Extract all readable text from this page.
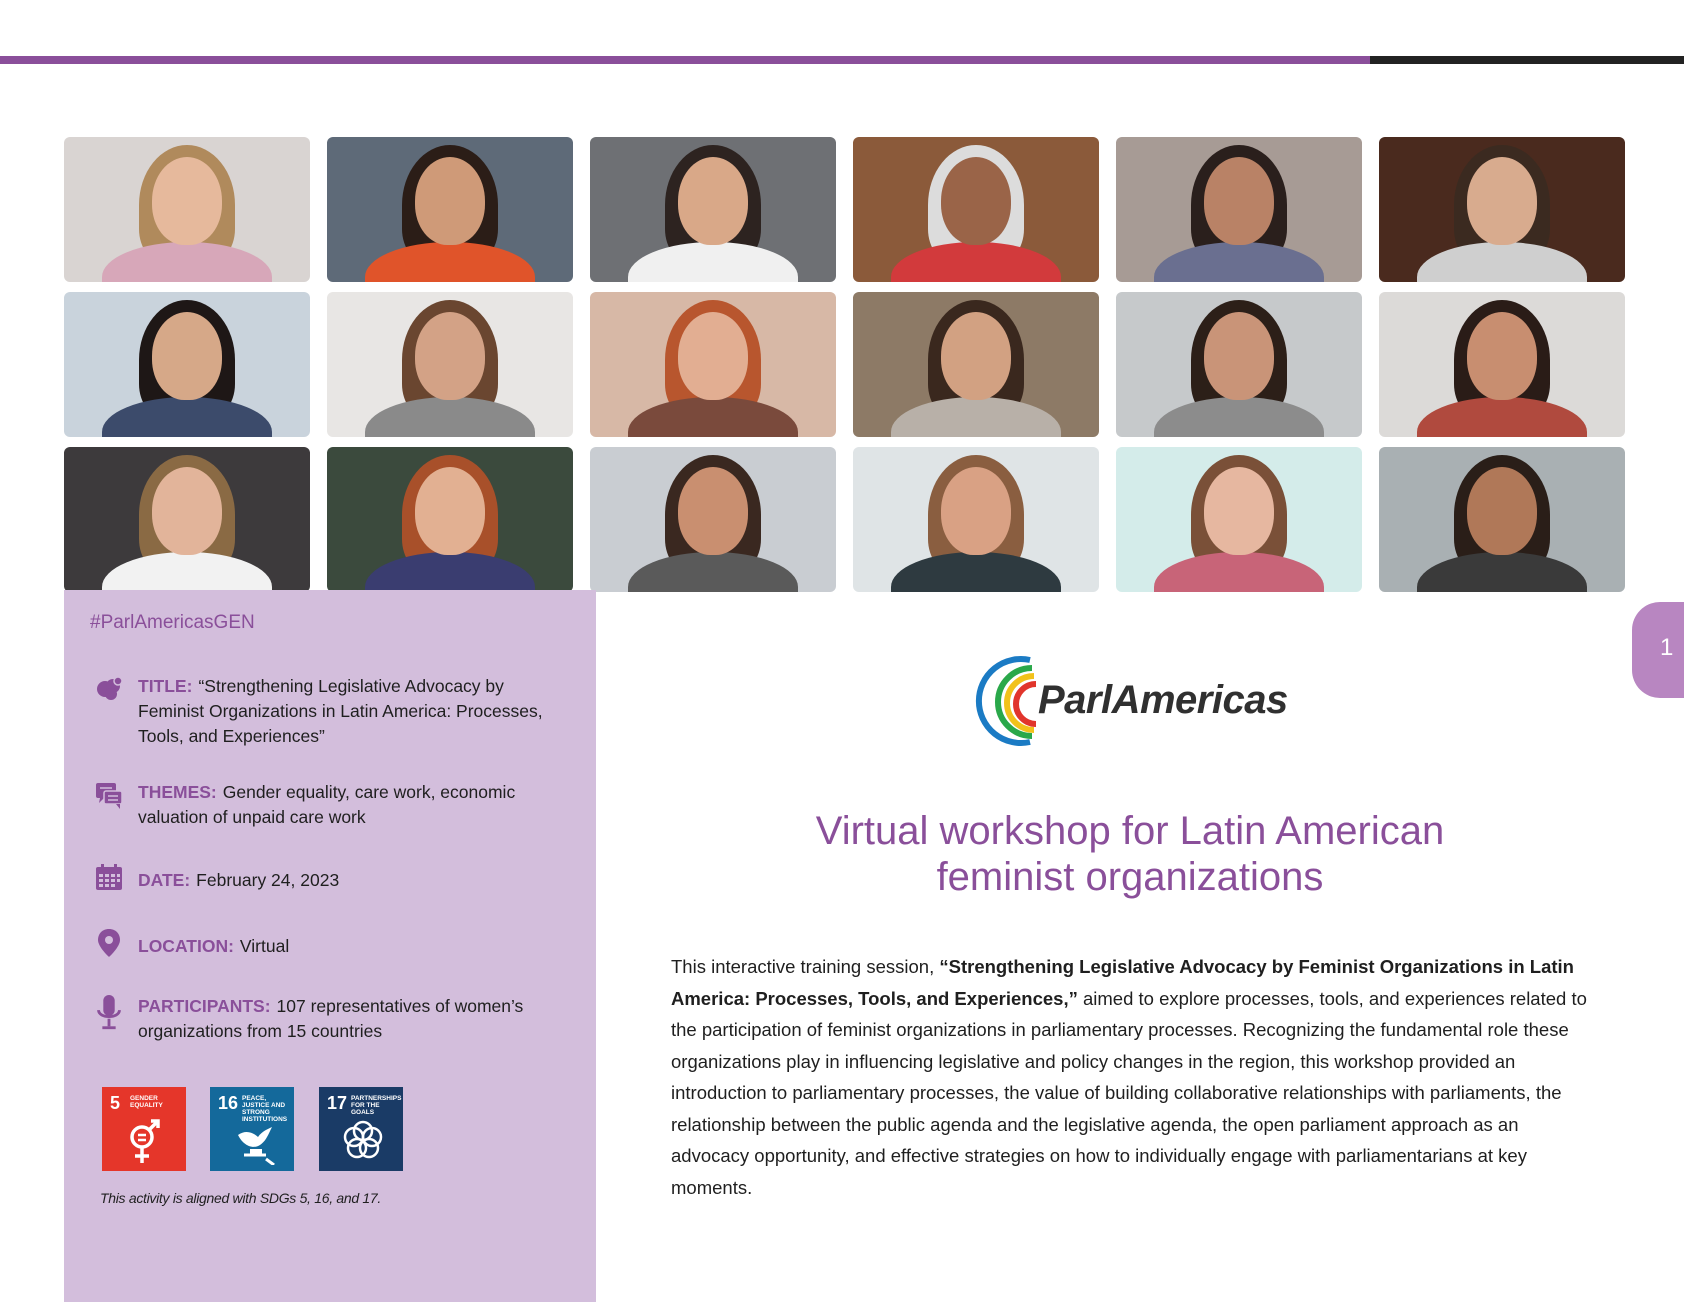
#ParlAmericasGEN
TITLE: “Strengthening Legislative Advocacy by Feminist Organizations in Latin America: Processes, Tools, and Experiences”
THEMES: Gender equality, care work, economic valuation of unpaid care work
DATE: February 24, 2023
LOCATION: Virtual
PARTICIPANTS: 107 representatives of women’s organizations from 15 countries
5 GENDER EQUALITY	16 PEACE, JUSTICE AND STRONG INSTITUTIONS
17 PARTNERSHIPS FOR THE GOALS
This activity is aligned with SDGs 5, 16, and 17.
1
ParlAmericas
Virtual workshop for Latin American
feminist organizations
This interactive training session, “Strengthening Legislative Advocacy by Feminist Organizations in Latin America: Processes, Tools, and Experiences,” aimed to explore processes, tools, and experiences related to the participation of feminist organizations in parliamentary processes. Recognizing the fundamental role these organizations play in influencing legislative and policy changes in the region, this workshop provided an introduction to parliamentary processes, the value of building collaborative relationships with parliaments, the relationship between the public agenda and the legislative agenda, the open parliament approach as an advocacy opportunity, and effective strategies on how to individually engage with parliamentarians at key moments.
